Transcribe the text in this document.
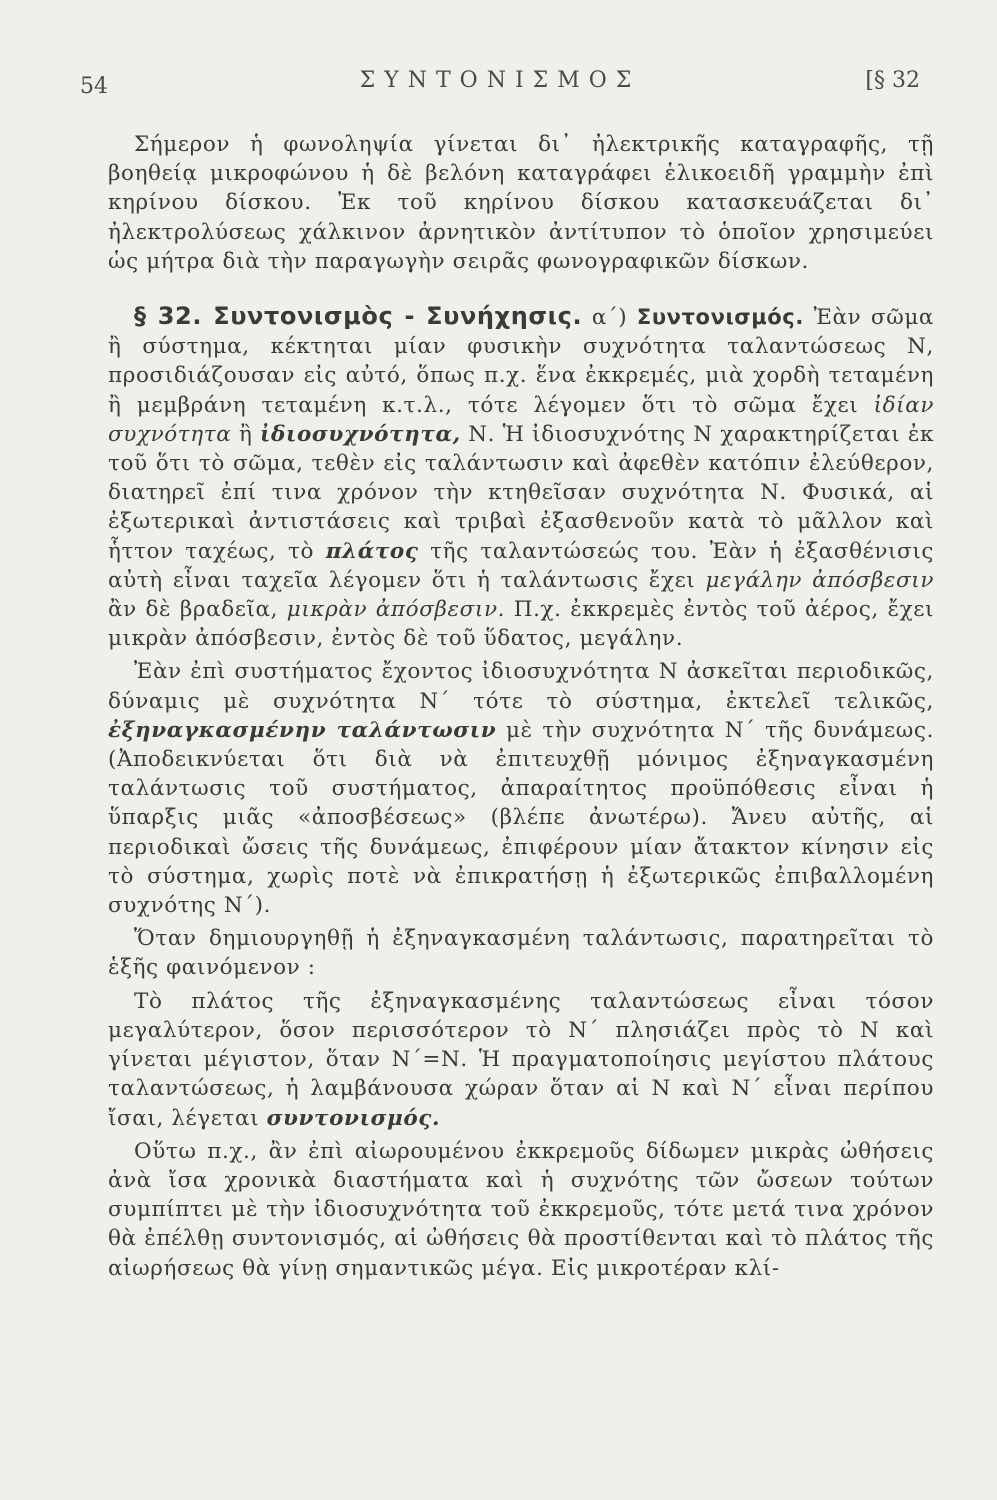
54	ΣΥΝΤΟΝΙΣΜΟΣ	[§ 32

Σήμερον ἡ φωνοληψία γίνεται δι᾽ ἠλεκτρικῆς καταγραφῆς, τῇ βοηθείᾳ μικροφώνου ἡ δὲ βελόνη καταγράφει ἑλικοειδῆ γραμμὴν ἐπὶ κηρίνου δίσκου. Ἐκ τοῦ κηρίνου δίσκου κατασκευάζεται δι᾽ ἠλεκτρολύσεως χάλκινον ἀρνητικὸν ἀντίτυπον τὸ ὁποῖον χρησιμεύει ὡς μήτρα διὰ τὴν παραγωγὴν σειρᾶς φωνογραφικῶν δίσκων.

§ 32. Συντονισμὸς - Συνήχησις. α΄) Συντονισμός. Ἐὰν σῶμα ἢ σύστημα, κέκτηται μίαν φυσικὴν συχνότητα ταλαντώσεως Ν, προσιδιάζουσαν εἰς αὐτό, ὅπως π.χ. ἕνα ἐκκρεμές, μιὰ χορδὴ τεταμένη ἢ μεμβράνη τεταμένη κ.τ.λ., τότε λέγομεν ὅτι τὸ σῶμα ἔχει ἰδίαν συχνότητα ἢ ἰδιοσυχνότητα, Ν. Ἡ ἰδιοσυχνότης Ν χαρακτηρίζεται ἐκ τοῦ ὅτι τὸ σῶμα, τεθὲν εἰς ταλάντωσιν καὶ ἀφεθὲν κατόπιν ἐλεύθερον, διατηρεῖ ἐπί τινα χρόνον τὴν κτηθεῖσαν συχνότητα Ν. Φυσικά, αἱ ἐξωτερικαὶ ἀντιστάσεις καὶ τριβαὶ ἐξασθενοῦν κατὰ τὸ μᾶλλον καὶ ἧττον ταχέως, τὸ πλάτος τῆς ταλαντώσεώς του. Ἐὰν ἡ ἐξασθένισις αὐτὴ εἶναι ταχεῖα λέγομεν ὅτι ἡ ταλάντωσις ἔχει μεγάλην ἀπόσβεσιν ἂν δὲ βραδεῖα, μικρὰν ἀπόσβεσιν. Π.χ. ἐκκρεμὲς ἐντὸς τοῦ ἀέρος, ἔχει μικρὰν ἀπόσβεσιν, ἐντὸς δὲ τοῦ ὕδατος, μεγάλην.

Ἐὰν ἐπὶ συστήματος ἔχοντος ἰδιοσυχνότητα Ν ἀσκεῖται περιοδικῶς, δύναμις μὲ συχνότητα Ν΄ τότε τὸ σύστημα, ἐκτελεῖ τελικῶς, ἐξηναγκασμένην ταλάντωσιν μὲ τὴν συχνότητα Ν΄ τῆς δυνάμεως. (Ἀποδεικνύεται ὅτι διὰ νὰ ἐπιτευχθῇ μόνιμος ἐξηναγκασμένη ταλάντωσις τοῦ συστήματος, ἀπαραίτητος προϋπόθεσις εἶναι ἡ ὕπαρξις μιᾶς «ἀποσβέσεως» (βλέπε ἀνωτέρω). Ἄνευ αὐτῆς, αἱ περιοδικαὶ ὤσεις τῆς δυνάμεως, ἐπιφέρουν μίαν ἄτακτον κίνησιν εἰς τὸ σύστημα, χωρὶς ποτὲ νὰ ἐπικρατήσῃ ἡ ἐξωτερικῶς ἐπιβαλλομένη συχνότης Ν΄).

Ὅταν δημιουργηθῇ ἡ ἐξηναγκασμένη ταλάντωσις, παρατηρεῖται τὸ ἑξῆς φαινόμενον :

Τὸ πλάτος τῆς ἐξηναγκασμένης ταλαντώσεως εἶναι τόσον μεγαλύτερον, ὅσον περισσότερον τὸ Ν΄ πλησιάζει πρὸς τὸ Ν καὶ γίνεται μέγιστον, ὅταν Ν΄=Ν. Ἡ πραγματοποίησις μεγίστου πλάτους ταλαντώσεως, ἡ λαμβάνουσα χώραν ὅταν αἱ Ν καὶ Ν΄ εἶναι περίπου ἴσαι, λέγεται συντονισμός.

Οὕτω π.χ., ἂν ἐπὶ αἰωρουμένου ἐκκρεμοῦς δίδωμεν μικρὰς ὠθήσεις ἀνὰ ἴσα χρονικὰ διαστήματα καὶ ἡ συχνότης τῶν ὤσεων τούτων συμπίπτει μὲ τὴν ἰδιοσυχνότητα τοῦ ἐκκρεμοῦς, τότε μετά τινα χρόνον θὰ ἐπέλθῃ συντονισμός, αἱ ὠθήσεις θὰ προστίθενται καὶ τὸ πλάτος τῆς αἰωρήσεως θὰ γίνῃ σημαντικῶς μέγα. Εἰς μικροτέραν κλί-
